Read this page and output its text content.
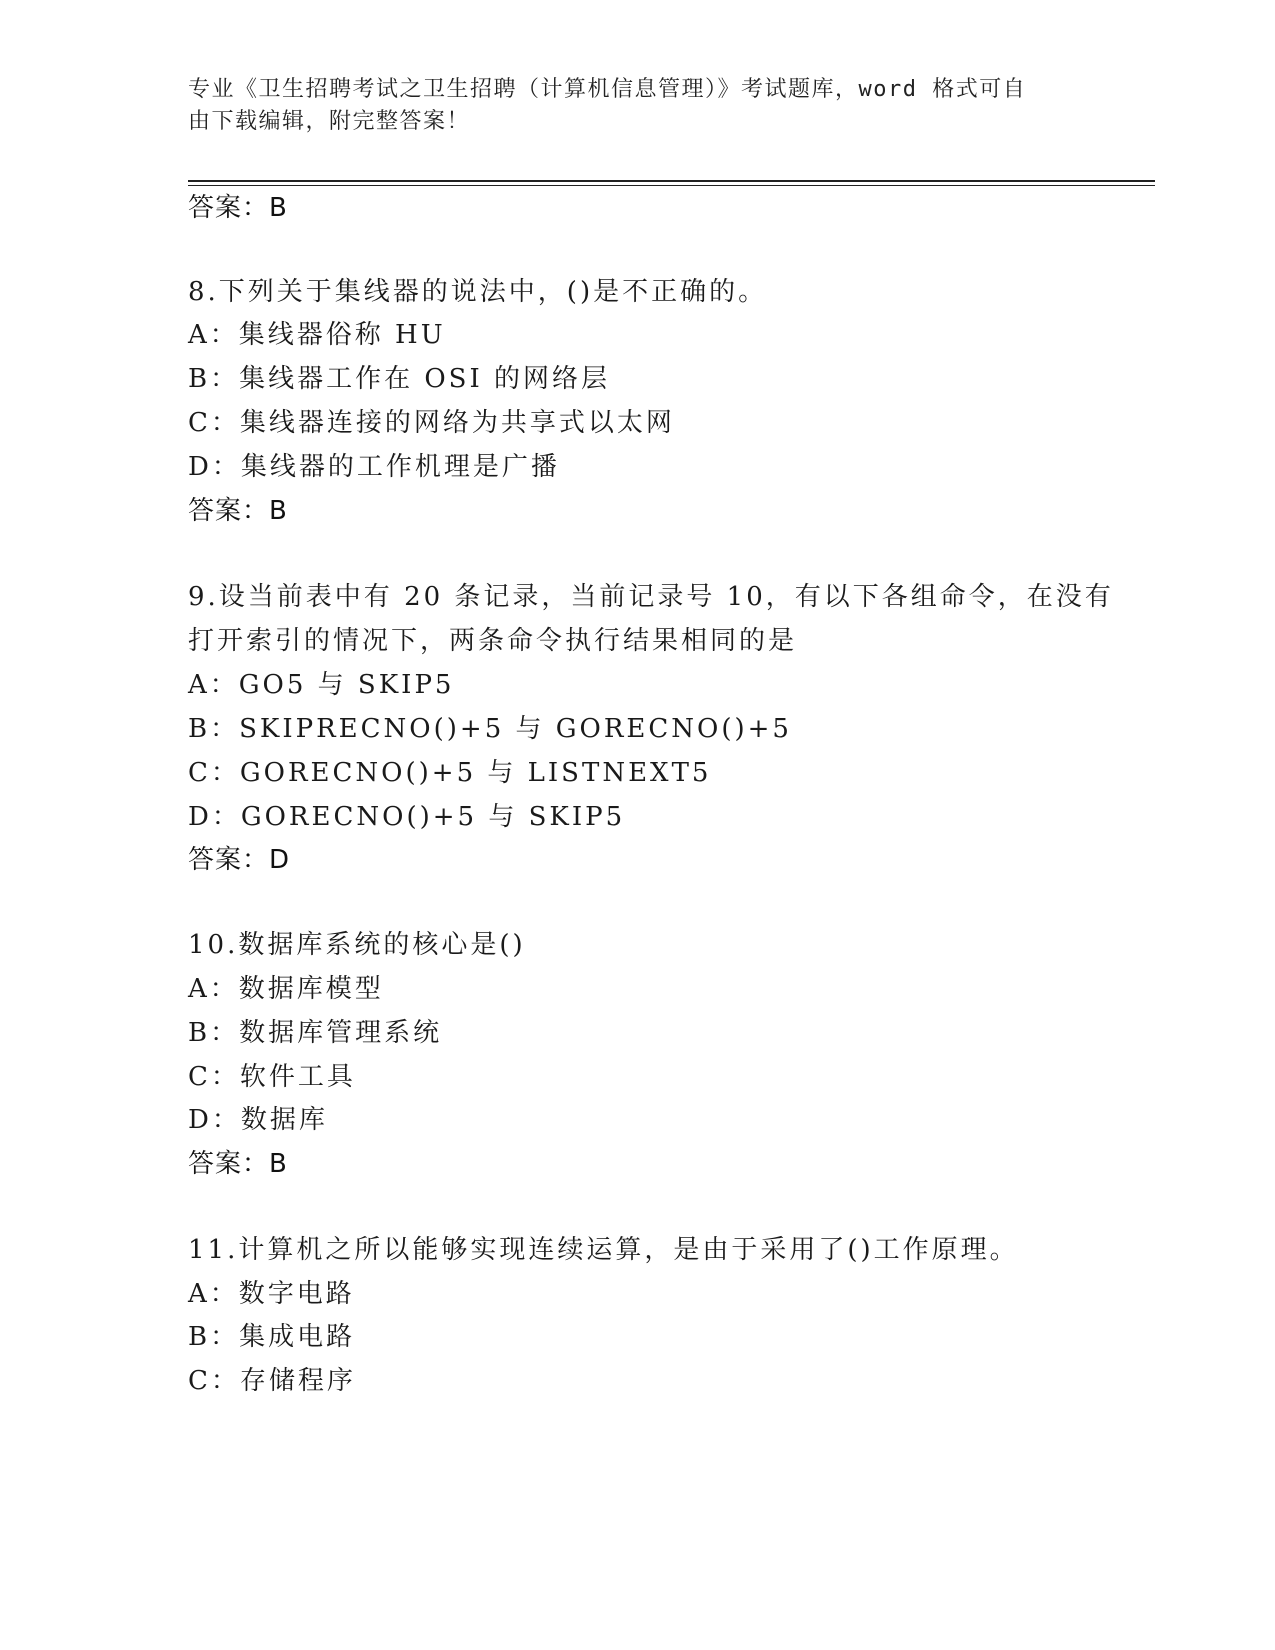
专业《卫生招聘考试之卫生招聘（计算机信息管理）》考试题库，word 格式可自
由下载编辑，附完整答案！
答案：B
8.下列关于集线器的说法中，()是不正确的。
A：集线器俗称 HU
B：集线器工作在 OSI 的网络层
C：集线器连接的网络为共享式以太网
D：集线器的工作机理是广播
答案：B
9.设当前表中有 20 条记录，当前记录号 10，有以下各组命令，在没有
打开索引的情况下，两条命令执行结果相同的是
A：GO5 与 SKIP5
B：SKIPRECNO()+5 与 GORECNO()+5
C：GORECNO()+5 与 LISTNEXT5
D：GORECNO()+5 与 SKIP5
答案：D
10.数据库系统的核心是()
A：数据库模型
B：数据库管理系统
C：软件工具
D：数据库
答案：B
11.计算机之所以能够实现连续运算，是由于采用了()工作原理。
A：数字电路
B：集成电路
C：存储程序
